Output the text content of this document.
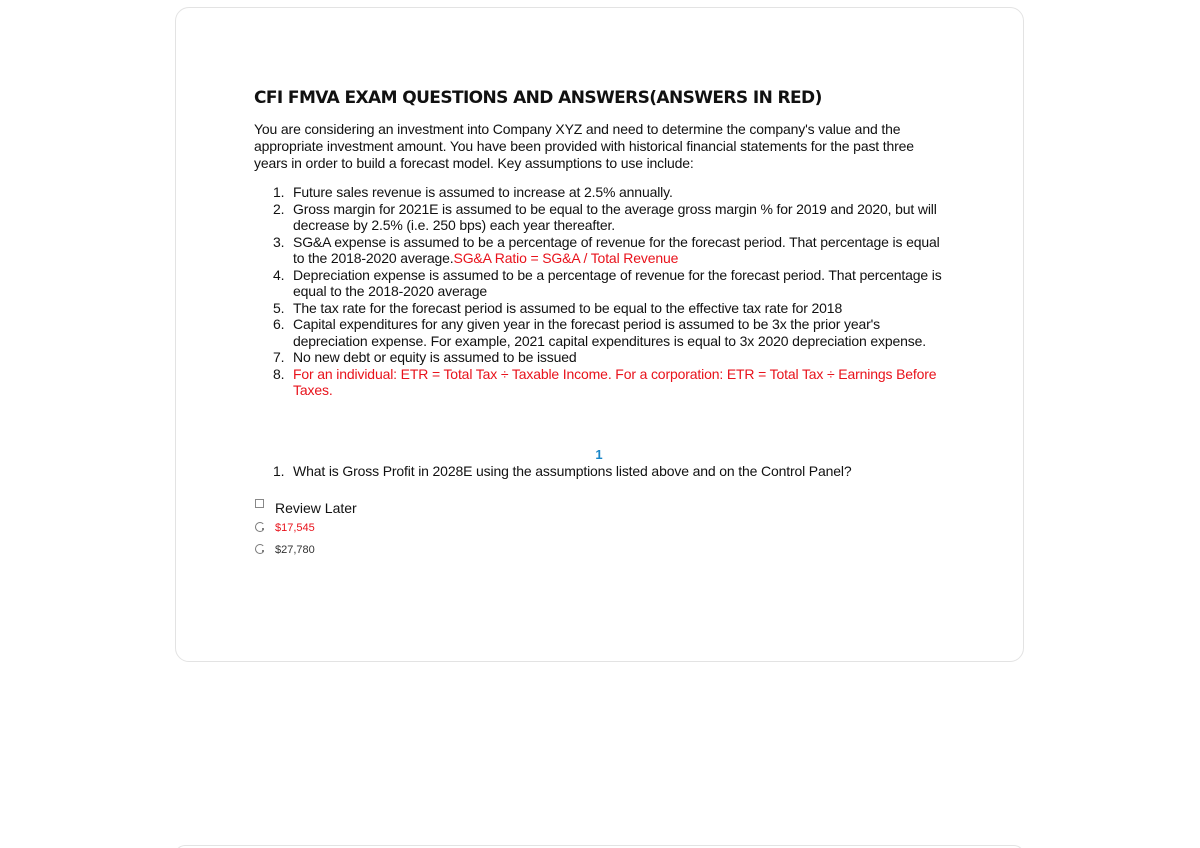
CFI FMVA EXAM QUESTIONS AND ANSWERS(ANSWERS IN RED)

You are considering an investment into Company XYZ and need to determine the company's value and the appropriate investment amount. You have been provided with historical financial statements for the past three years in order to build a forecast model. Key assumptions to use include:

1. Future sales revenue is assumed to increase at 2.5% annually.
2. Gross margin for 2021E is assumed to be equal to the average gross margin % for 2019 and 2020, but will decrease by 2.5% (i.e. 250 bps) each year thereafter.
3. SG&A expense is assumed to be a percentage of revenue for the forecast period. That percentage is equal to the 2018-2020 average.SG&A Ratio = SG&A / Total Revenue
4. Depreciation expense is assumed to be a percentage of revenue for the forecast period. That percentage is equal to the 2018-2020 average
5. The tax rate for the forecast period is assumed to be equal to the effective tax rate for 2018
6. Capital expenditures for any given year in the forecast period is assumed to be 3x the prior year's depreciation expense. For example, 2021 capital expenditures is equal to 3x 2020 depreciation expense.
7. No new debt or equity is assumed to be issued
8. For an individual: ETR = Total Tax ÷ Taxable Income. For a corporation: ETR = Total Tax ÷ Earnings Before Taxes.
1
1. What is Gross Profit in 2028E using the assumptions listed above and on the Control Panel?
Review Later
$17,545
$27,780
